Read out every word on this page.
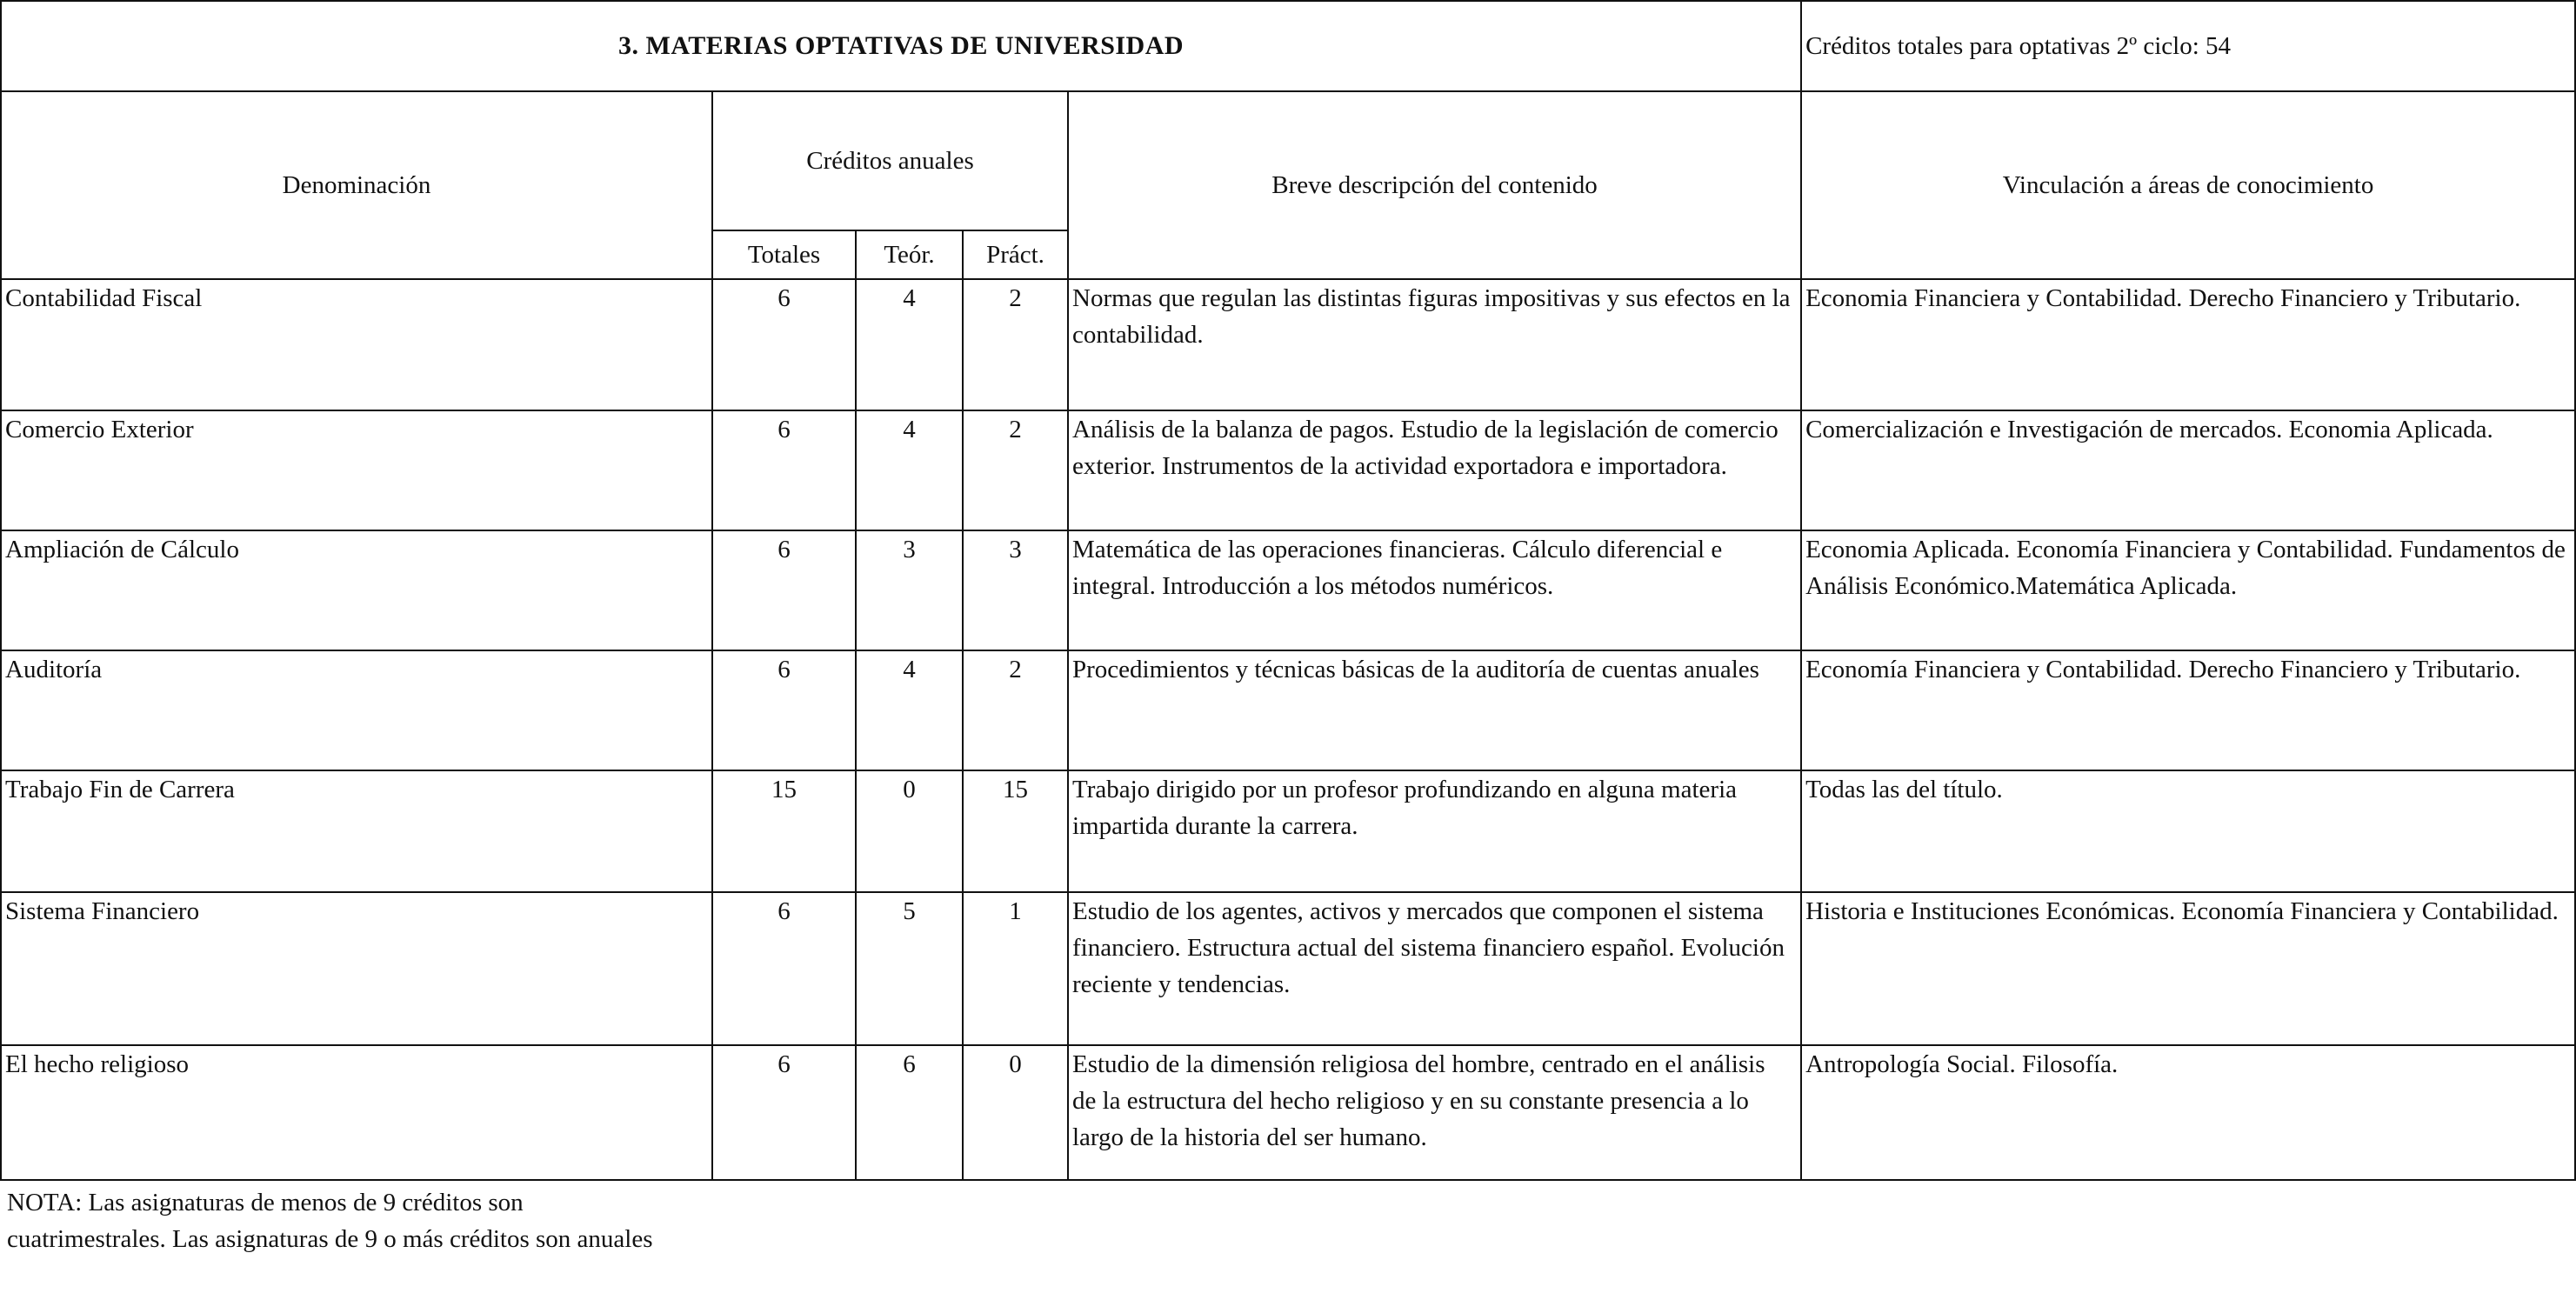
3. MATERIAS OPTATIVAS DE UNIVERSIDAD					Créditos totales para optativas 2º ciclo: 54
Denominación	Créditos anuales			Breve descripción del contenido	Vinculación a áreas de conocimiento
	Totales	Teór.	Práct.		
Contabilidad Fiscal	6	4	2	Normas que regulan las distintas figuras impositivas y sus efectos en la contabilidad.	Economia Financiera y Contabilidad. Derecho Financiero y Tributario.
Comercio Exterior	6	4	2	Análisis de la balanza de pagos. Estudio de la legislación de comercio exterior. Instrumentos de la actividad exportadora e importadora.	Comercialización e Investigación de mercados. Economia Aplicada.
Ampliación de Cálculo	6	3	3	Matemática de las operaciones financieras. Cálculo diferencial e integral. Introducción a los métodos numéricos.	Economia Aplicada. Economía Financiera y Contabilidad. Fundamentos de Análisis Económico.Matemática Aplicada.
Auditoría	6	4	2	Procedimientos y técnicas básicas de la auditoría de cuentas anuales	Economía Financiera y Contabilidad. Derecho Financiero y Tributario.
Trabajo Fin de Carrera	15	0	15	Trabajo dirigido por un profesor profundizando en alguna materia impartida durante la carrera.	Todas las del título.
Sistema Financiero	6	5	1	Estudio de los agentes, activos y mercados que componen el sistema financiero. Estructura actual del sistema financiero español. Evolución reciente y tendencias.	Historia e Instituciones Económicas. Economía Financiera y Contabilidad.
El hecho religioso	6	6	0	Estudio de la dimensión religiosa del hombre, centrado en el análisis de la estructura del hecho religioso y en su constante presencia a lo largo de la historia del ser humano.	Antropología Social. Filosofía.
NOTA: Las asignaturas de menos de 9 créditos son cuatrimestrales. Las asignaturas de 9 o más créditos son anuales
